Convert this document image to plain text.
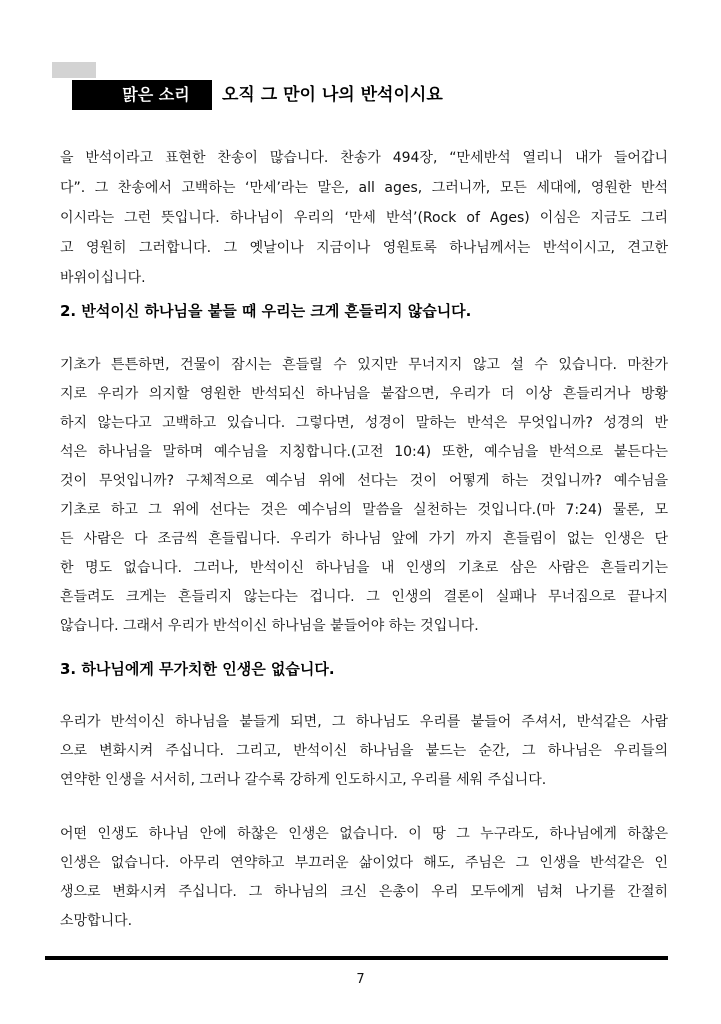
맑은 소리	오직 그 만이 나의 반석이시요
을 반석이라고 표현한 찬송이 많습니다. 찬송가 494장, “만세반석 열리니 내가 들어갑니
다”. 그 찬송에서 고백하는 ‘만세’라는 말은, all ages, 그러니까, 모든 세대에, 영원한 반석
이시라는 그런 뜻입니다. 하나님이 우리의 ‘만세 반석’(Rock of Ages) 이심은 지금도 그리
고 영원히 그러합니다. 그 옛날이나 지금이나 영원토록 하나님께서는 반석이시고, 견고한
바위이십니다.
2. 반석이신 하나님을 붙들 때 우리는 크게 흔들리지 않습니다.
기초가 튼튼하면, 건물이 잠시는 흔들릴 수 있지만 무너지지 않고 설 수 있습니다. 마찬가
지로 우리가 의지할 영원한 반석되신 하나님을 붙잡으면, 우리가 더 이상 흔들리거나 방황
하지 않는다고 고백하고 있습니다. 그렇다면, 성경이 말하는 반석은 무엇입니까? 성경의 반
석은 하나님을 말하며 예수님을 지칭합니다.(고전 10:4) 또한, 예수님을 반석으로 붙든다는
것이 무엇입니까? 구체적으로 예수님 위에 선다는 것이 어떻게 하는 것입니까? 예수님을
기초로 하고 그 위에 선다는 것은 예수님의 말씀을 실천하는 것입니다.(마 7:24) 물론, 모
든 사람은 다 조금씩 흔들립니다. 우리가 하나님 앞에 가기 까지 흔들림이 없는 인생은 단
한 명도 없습니다. 그러나, 반석이신 하나님을 내 인생의 기초로 삼은 사람은 흔들리기는
흔들려도 크게는 흔들리지 않는다는 겁니다. 그 인생의 결론이 실패나 무너짐으로 끝나지
않습니다. 그래서 우리가 반석이신 하나님을 붙들어야 하는 것입니다.
3. 하나님에게 무가치한 인생은 없습니다.
우리가 반석이신 하나님을 붙들게 되면, 그 하나님도 우리를 붙들어 주셔서, 반석같은 사람
으로 변화시켜 주십니다. 그리고, 반석이신 하나님을 붙드는 순간, 그 하나님은 우리들의
연약한 인생을 서서히, 그러나 갈수록 강하게 인도하시고, 우리를 세워 주십니다.
어떤 인생도 하나님 안에 하찮은 인생은 없습니다. 이 땅 그 누구라도, 하나님에게 하찮은
인생은 없습니다. 아무리 연약하고 부끄러운 삶이었다 해도, 주님은 그 인생을 반석같은 인
생으로 변화시켜 주십니다. 그 하나님의 크신 은총이 우리 모두에게 넘쳐 나기를 간절히
소망합니다.
7
